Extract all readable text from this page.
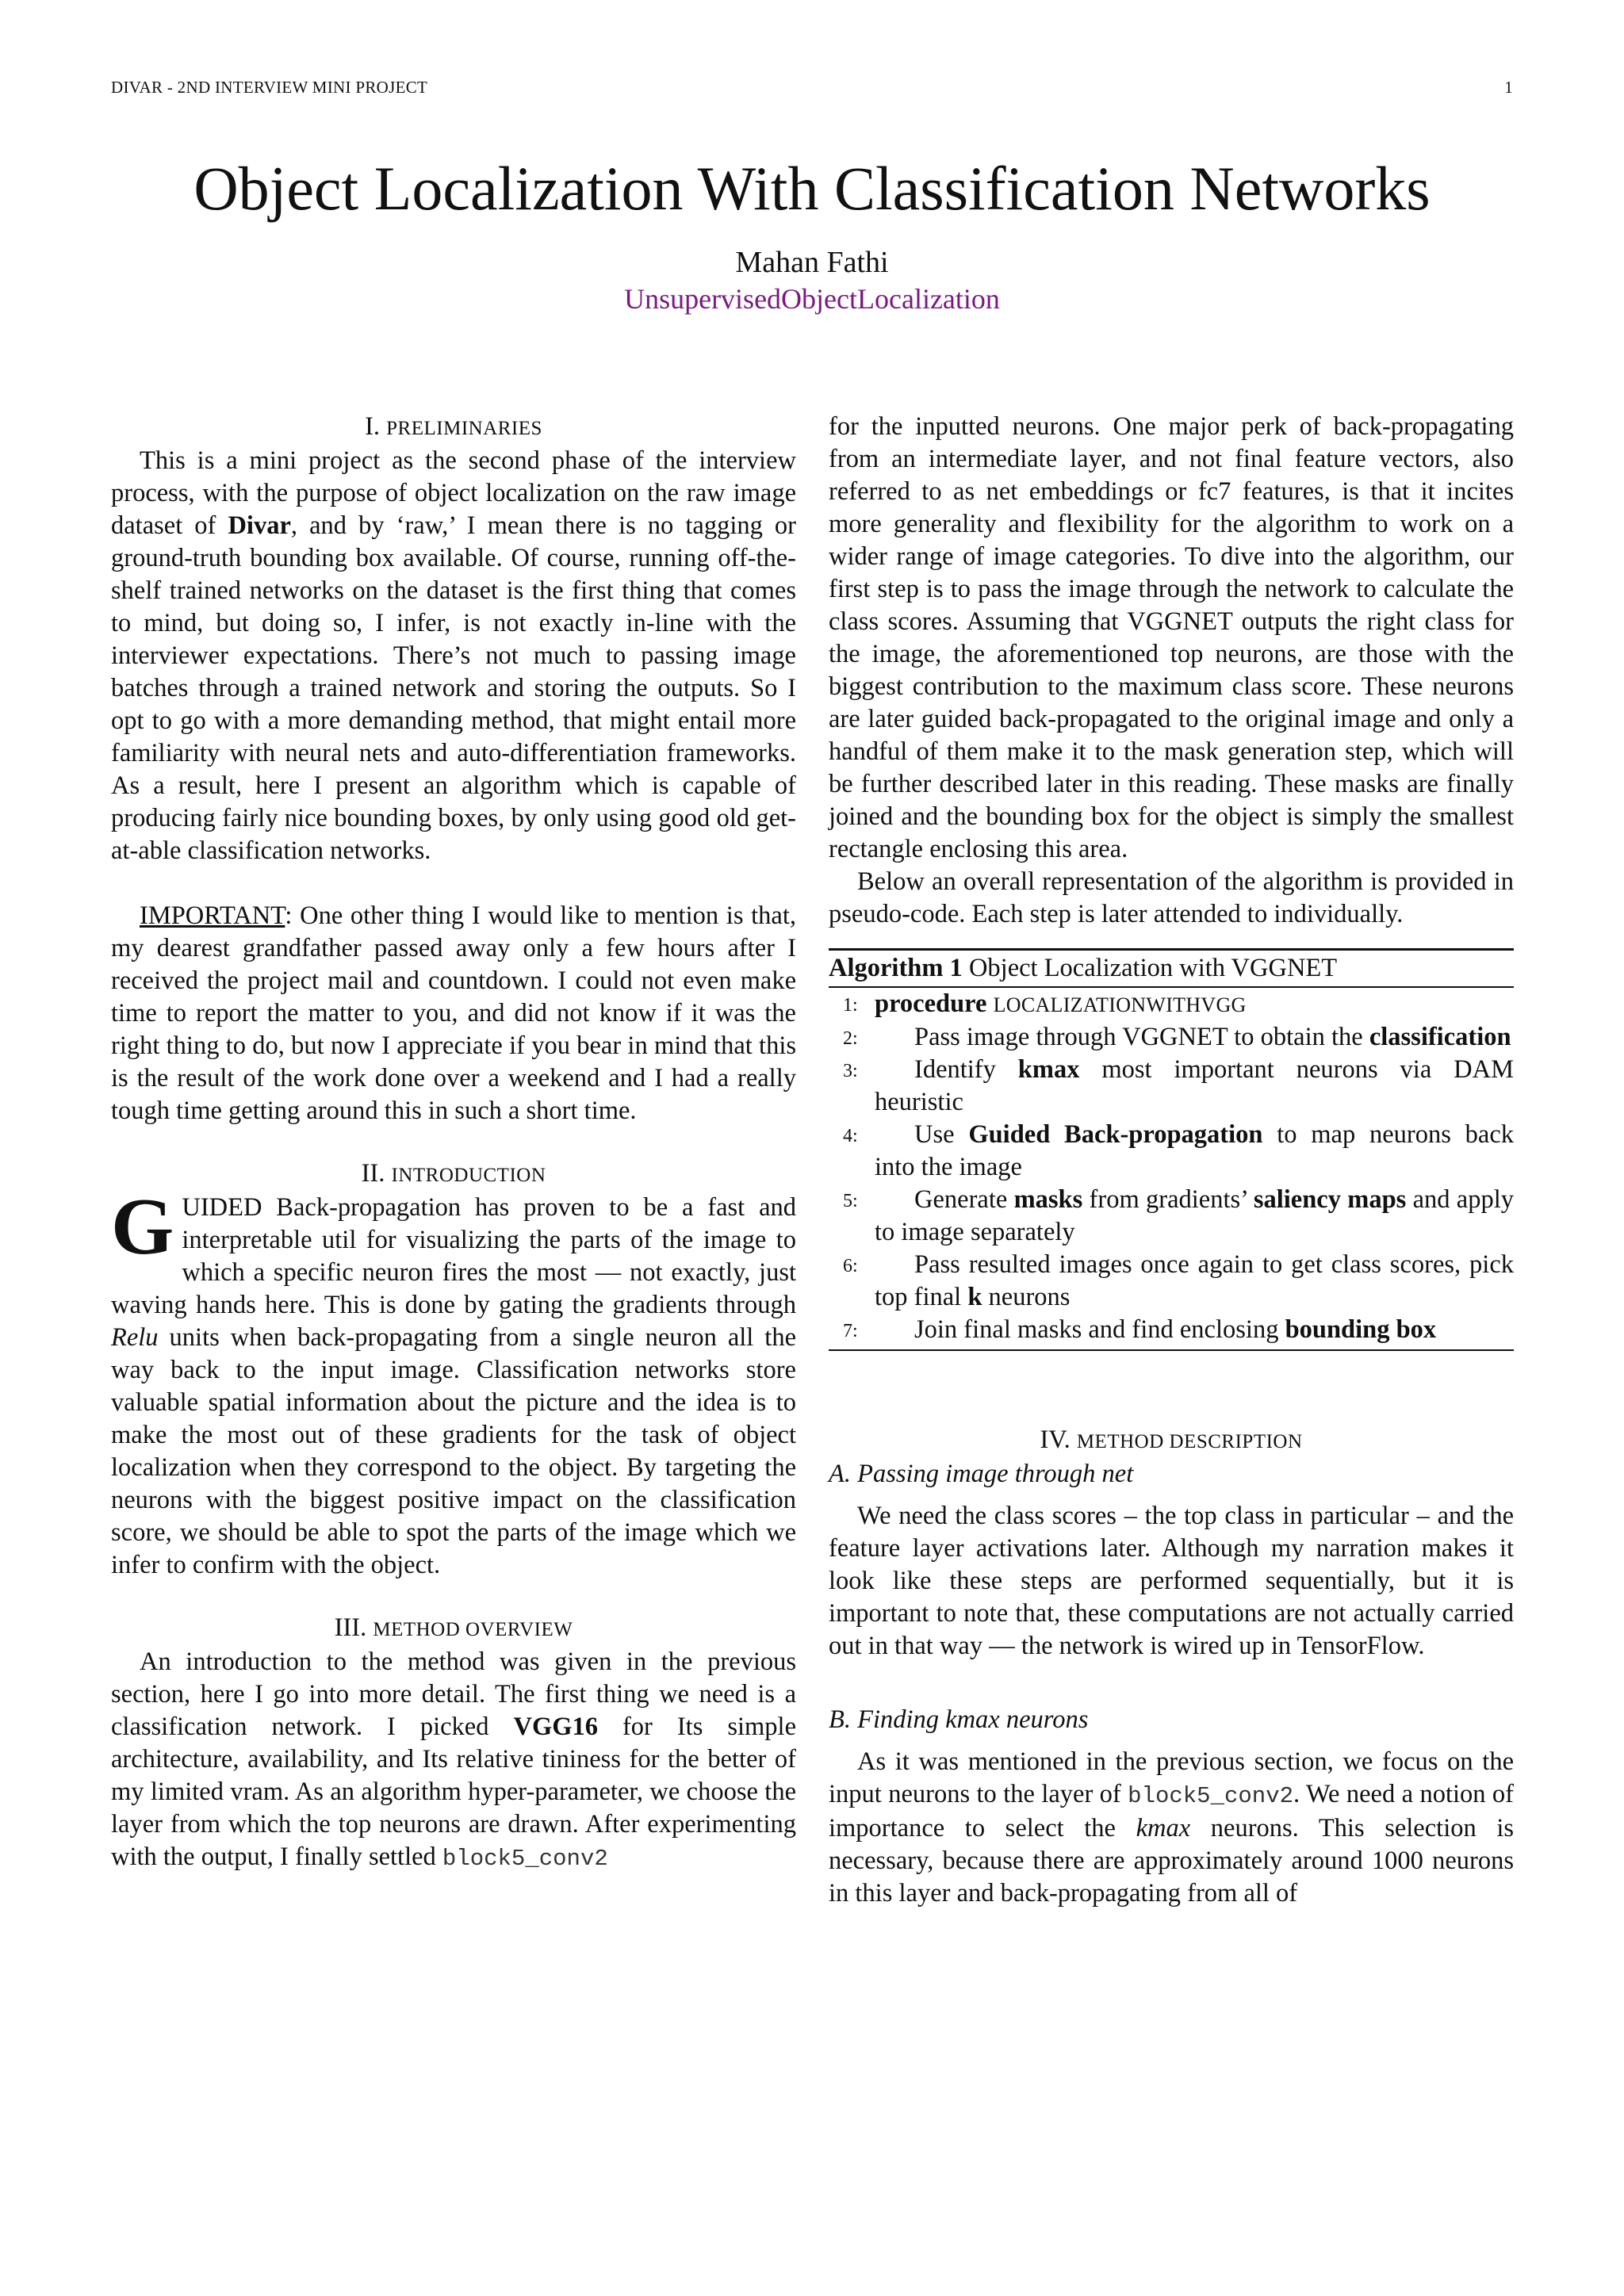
DIVAR - 2ND INTERVIEW MINI PROJECT	1
Object Localization With Classification Networks
Mahan Fathi
UnsupervisedObjectLocalization
I. PRELIMINARIES

This is a mini project as the second phase of the interview process, with the purpose of object localization on the raw image dataset of Divar, and by ‘raw,’ I mean there is no tagging or ground-truth bounding box available. Of course, running off-the-shelf trained networks on the dataset is the first thing that comes to mind, but doing so, I infer, is not exactly in-line with the interviewer expectations. There’s not much to passing image batches through a trained network and storing the outputs. So I opt to go with a more demanding method, that might entail more familiarity with neural nets and auto-differentiation frameworks. As a result, here I present an algorithm which is capable of producing fairly nice bounding boxes, by only using good old get-at-able classification networks.

IMPORTANT: One other thing I would like to mention is that, my dearest grandfather passed away only a few hours after I received the project mail and countdown. I could not even make time to report the matter to you, and did not know if it was the right thing to do, but now I appreciate if you bear in mind that this is the result of the work done over a weekend and I had a really tough time getting around this in such a short time.

II. INTRODUCTION

GUIDED Back-propagation has proven to be a fast and interpretable util for visualizing the parts of the image to which a specific neuron fires the most — not exactly, just waving hands here. This is done by gating the gradients through Relu units when back-propagating from a single neuron all the way back to the input image. Classification networks store valuable spatial information about the picture and the idea is to make the most out of these gradients for the task of object localization when they correspond to the object. By targeting the neurons with the biggest positive impact on the classification score, we should be able to spot the parts of the image which we infer to confirm with the object.

III. METHOD OVERVIEW

An introduction to the method was given in the previous section, here I go into more detail. The first thing we need is a classification network. I picked VGG16 for Its simple architecture, availability, and Its relative tininess for the better of my limited vram. As an algorithm hyper-parameter, we choose the layer from which the top neurons are drawn. After experimenting with the output, I finally settled block5_conv2

for the inputted neurons. One major perk of back-propagating from an intermediate layer, and not final feature vectors, also referred to as net embeddings or fc7 features, is that it incites more generality and flexibility for the algorithm to work on a wider range of image categories. To dive into the algorithm, our first step is to pass the image through the network to calculate the class scores. Assuming that VGGNET outputs the right class for the image, the aforementioned top neurons, are those with the biggest contribution to the maximum class score. These neurons are later guided back-propagated to the original image and only a handful of them make it to the mask generation step, which will be further described later in this reading. These masks are finally joined and the bounding box for the object is simply the smallest rectangle enclosing this area.

Below an overall representation of the algorithm is provided in pseudo-code. Each step is later attended to individually.

Algorithm 1 Object Localization with VGGNET
1: procedure LOCALIZATIONWITHVGG
2: Pass image through VGGNET to obtain the classification
3: Identify kmax most important neurons via DAM heuristic
4: Use Guided Back-propagation to map neurons back into the image
5: Generate masks from gradients’ saliency maps and apply to image separately
6: Pass resulted images once again to get class scores, pick top final k neurons
7: Join final masks and find enclosing bounding box
IV. METHOD DESCRIPTION
A. Passing image through net

We need the class scores – the top class in particular – and the feature layer activations later. Although my narration makes it look like these steps are performed sequentially, but it is important to note that, these computations are not actually carried out in that way — the network is wired up in TensorFlow.

B. Finding kmax neurons

As it was mentioned in the previous section, we focus on the input neurons to the layer of block5_conv2. We need a notion of importance to select the kmax neurons. This selection is necessary, because there are approximately around 1000 neurons in this layer and back-propagating from all of
